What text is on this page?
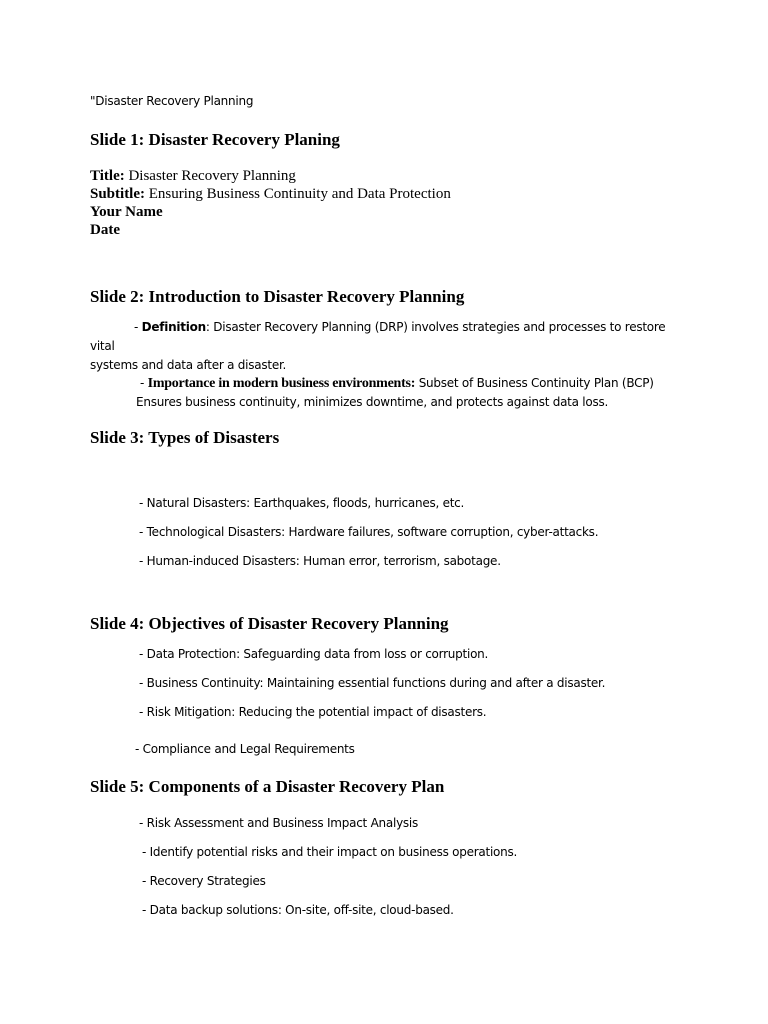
"Disaster Recovery Planning
Slide 1: Disaster Recovery Planing
Title: Disaster Recovery Planning
Subtitle: Ensuring Business Continuity and Data Protection
Your Name
Date
Slide 2: Introduction to Disaster Recovery Planning
- Definition: Disaster Recovery Planning (DRP) involves strategies and processes to restore vital
systems and data after a disaster.
- Importance in modern business environments: Subset of Business Continuity Plan (BCP)
Ensures business continuity, minimizes downtime, and protects against data loss.
Slide 3: Types of Disasters
- Natural Disasters: Earthquakes, floods, hurricanes, etc.
- Technological Disasters: Hardware failures, software corruption, cyber-attacks.
- Human-induced Disasters: Human error, terrorism, sabotage.
Slide 4: Objectives of Disaster Recovery Planning
- Data Protection: Safeguarding data from loss or corruption.
- Business Continuity: Maintaining essential functions during and after a disaster.
- Risk Mitigation: Reducing the potential impact of disasters.
- Compliance and Legal Requirements
Slide 5: Components of a Disaster Recovery Plan
- Risk Assessment and Business Impact Analysis
- Identify potential risks and their impact on business operations.
- Recovery Strategies
- Data backup solutions: On-site, off-site, cloud-based.
